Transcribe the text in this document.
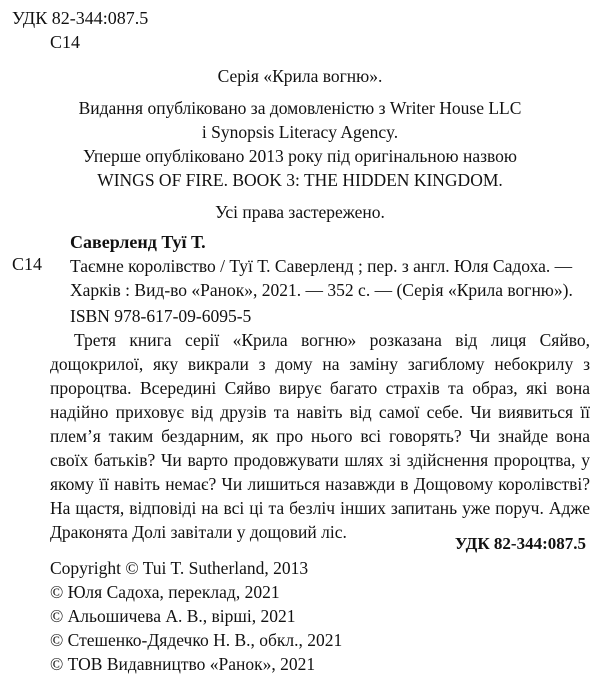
УДК 82-344:087.5
С14
Серія «Крила вогню».
Видання опубліковано за домовленістю з Writer House LLC
і Synopsis Literacy Agency.
Уперше опубліковано 2013 року під оригінальною назвою
WINGS OF FIRE. BOOK 3: THE HIDDEN KINGDOM.
Усі права застережено.
Саверленд Туї Т.
С14 Таємне королівство / Туї Т. Саверленд ; пер. з англ. Юля Садоха. —
Харків : Вид-во «Ранок», 2021. — 352 с. — (Серія «Крила вогню»).
ISBN 978-617-09-6095-5
Третя книга серії «Крила вогню» розказана від лиця Сяйво, дощокрилої, яку викрали з дому на заміну загиблому небокрилу з пророцтва. Всередині Сяйво вирує багато страхів та образ, які вона надійно приховує від друзів та навіть від самої себе. Чи виявиться її плем’я таким бездарним, як про нього всі говорять? Чи знайде вона своїх батьків? Чи варто продовжувати шлях зі здійснення пророцтва, у якому її навіть немає? Чи лишиться назавжди в Дощовому королівстві? На щастя, відповіді на всі ці та безліч інших запитань уже поруч. Адже Драконята Долі завітали у дощовий ліс.
УДК 82-344:087.5
Copyright © Tui T. Sutherland, 2013
© Юля Садоха, переклад, 2021
© Альошичева А. В., вірші, 2021
© Стешенко-Дядечко Н. В., обкл., 2021
© ТОВ Видавництво «Ранок», 2021
